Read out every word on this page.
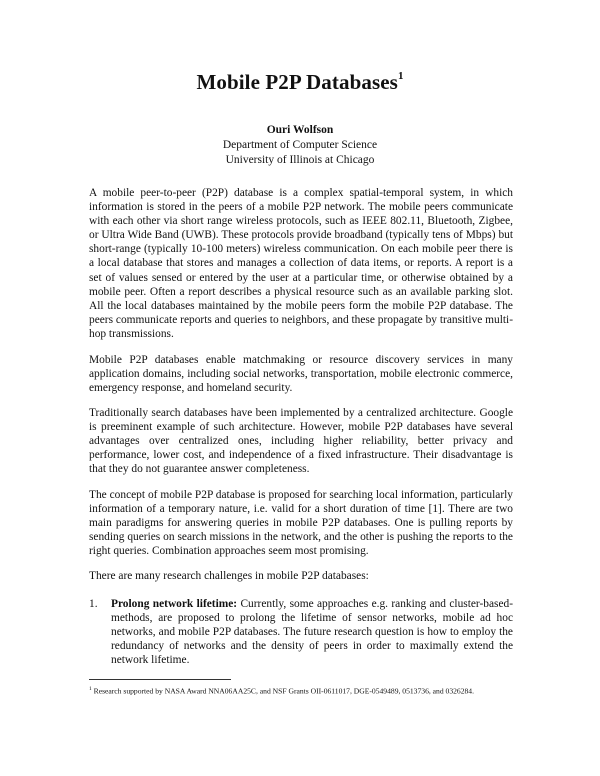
Mobile P2P Databases$^1$
Ouri Wolfson
Department of Computer Science
University of Illinois at Chicago

A mobile peer-to-peer (P2P) database is a complex spatial-temporal system, in which information is stored in the peers of a mobile P2P network. The mobile peers communicate with each other via short range wireless protocols, such as IEEE 802.11, Bluetooth, Zigbee, or Ultra Wide Band (UWB). These protocols provide broadband (typically tens of Mbps) but short-range (typically 10-100 meters) wireless communication. On each mobile peer there is a local database that stores and manages a collection of data items, or reports. A report is a set of values sensed or entered by the user at a particular time, or otherwise obtained by a mobile peer. Often a report describes a physical resource such as an available parking slot. All the local databases maintained by the mobile peers form the mobile P2P database. The peers communicate reports and queries to neighbors, and these propagate by transitive multi-hop transmissions.

Mobile P2P databases enable matchmaking or resource discovery services in many application domains, including social networks, transportation, mobile electronic commerce, emergency response, and homeland security.

Traditionally search databases have been implemented by a centralized architecture. Google is preeminent example of such architecture. However, mobile P2P databases have several advantages over centralized ones, including higher reliability, better privacy and performance, lower cost, and independence of a fixed infrastructure. Their disadvantage is that they do not guarantee answer completeness.

The concept of mobile P2P database is proposed for searching local information, particularly information of a temporary nature, i.e. valid for a short duration of time [1]. There are two main paradigms for answering queries in mobile P2P databases. One is pulling reports by sending queries on search missions in the network, and the other is pushing the reports to the right queries. Combination approaches seem most promising.

There are many research challenges in mobile P2P databases:

1. Prolong network lifetime: Currently, some approaches e.g. ranking and cluster-based-methods, are proposed to prolong the lifetime of sensor networks, mobile ad hoc networks, and mobile P2P databases. The future research question is how to employ the redundancy of networks and the density of peers in order to maximally extend the network lifetime.
$^1$ Research supported by NASA Award NNA06AA25C, and NSF Grants OII-0611017, DGE-0549489, 0513736, and 0326284.
